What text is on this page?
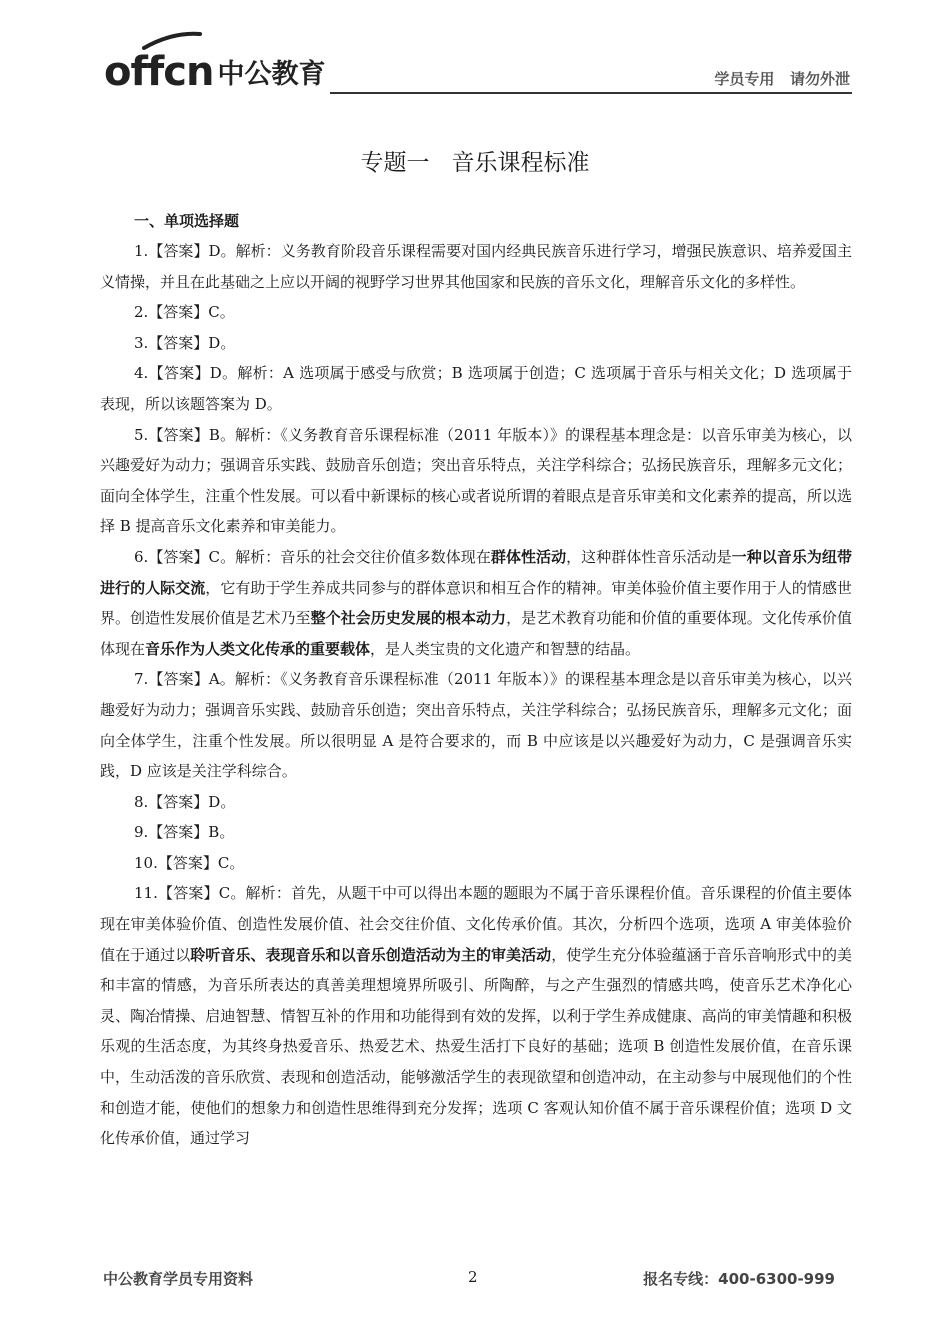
offcn 中公教育	学员专用   请勿外泄
专题一   音乐课程标准
一、单项选择题

1.【答案】D。解析：义务教育阶段音乐课程需要对国内经典民族音乐进行学习，增强民族意识、培养爱国主义情操，并且在此基础之上应以开阔的视野学习世界其他国家和民族的音乐文化，理解音乐文化的多样性。

2.【答案】C。

3.【答案】D。

4.【答案】D。解析：A 选项属于感受与欣赏；B 选项属于创造；C 选项属于音乐与相关文化；D 选项属于表现，所以该题答案为 D。

5.【答案】B。解析：《义务教育音乐课程标准（2011 年版本）》的课程基本理念是：以音乐审美为核心，以兴趣爱好为动力；强调音乐实践、鼓励音乐创造；突出音乐特点，关注学科综合；弘扬民族音乐，理解多元文化；面向全体学生，注重个性发展。可以看中新课标的核心或者说所谓的着眼点是音乐审美和文化素养的提高，所以选择 B 提高音乐文化素养和审美能力。

6.【答案】C。解析：音乐的社会交往价值多数体现在群体性活动，这种群体性音乐活动是一种以音乐为纽带进行的人际交流，它有助于学生养成共同参与的群体意识和相互合作的精神。审美体验价值主要作用于人的情感世界。创造性发展价值是艺术乃至整个社会历史发展的根本动力，是艺术教育功能和价值的重要体现。文化传承价值体现在音乐作为人类文化传承的重要载体，是人类宝贵的文化遗产和智慧的结晶。

7.【答案】A。解析：《义务教育音乐课程标准（2011 年版本）》的课程基本理念是以音乐审美为核心，以兴趣爱好为动力；强调音乐实践、鼓励音乐创造；突出音乐特点，关注学科综合；弘扬民族音乐，理解多元文化；面向全体学生，注重个性发展。所以很明显 A 是符合要求的，而 B 中应该是以兴趣爱好为动力，C 是强调音乐实践，D 应该是关注学科综合。

8.【答案】D。

9.【答案】B。

10.【答案】C。

11.【答案】C。解析：首先，从题干中可以得出本题的题眼为不属于音乐课程价值。音乐课程的价值主要体现在审美体验价值、创造性发展价值、社会交往价值、文化传承价值。其次，分析四个选项，选项 A 审美体验价值在于通过以聆听音乐、表现音乐和以音乐创造活动为主的审美活动，使学生充分体验蕴涵于音乐音响形式中的美和丰富的情感，为音乐所表达的真善美理想境界所吸引、所陶醉，与之产生强烈的情感共鸣，使音乐艺术净化心灵、陶冶情操、启迪智慧、情智互补的作用和功能得到有效的发挥，以利于学生养成健康、高尚的审美情趣和积极乐观的生活态度，为其终身热爱音乐、热爱艺术、热爱生活打下良好的基础；选项 B 创造性发展价值，在音乐课中，生动活泼的音乐欣赏、表现和创造活动，能够激活学生的表现欲望和创造冲动，在主动参与中展现他们的个性和创造才能，使他们的想象力和创造性思维得到充分发挥；选项 C 客观认知价值不属于音乐课程价值；选项 D 文化传承价值，通过学习

中公教育学员专用资料	2	报名专线：400-6300-999
